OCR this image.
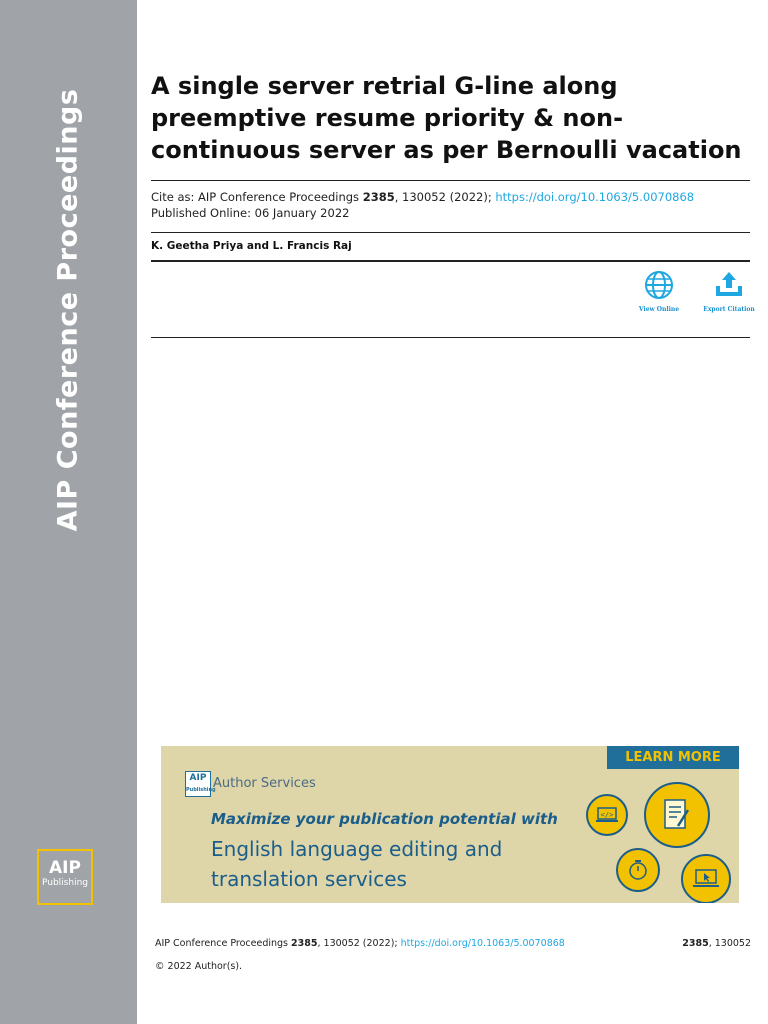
AIP Conference Proceedings
AIP
Publishing
A single server retrial G-line along preemptive resume priority & non-continuous server as per Bernoulli vacation
Cite as: AIP Conference Proceedings 2385, 130052 (2022); https://doi.org/10.1063/5.0070868
Published Online: 06 January 2022
K. Geetha Priya and L. Francis Raj
View Online	Export Citation
LEARN MORE
AIP
Publishing
Author Services
Maximize your publication potential with
English language editing and
translation services
</>
AIP Conference Proceedings 2385, 130052 (2022); https://doi.org/10.1063/5.0070868	2385, 130052
© 2022 Author(s).
